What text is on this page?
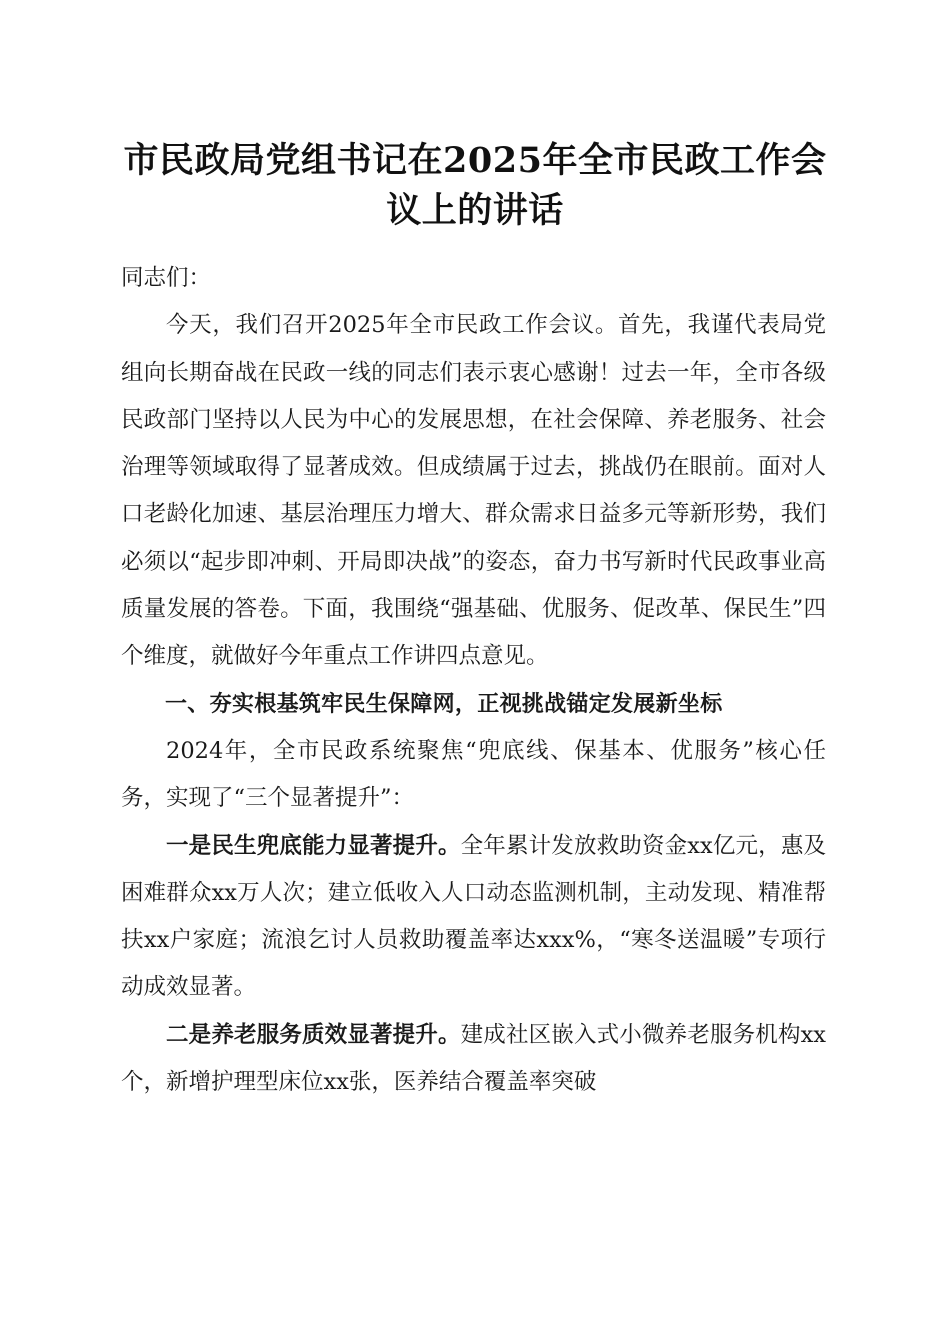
市民政局党组书记在2025年全市民政工作会
议上的讲话

同志们：

今天，我们召开2025年全市民政工作会议。首先，我谨代表局党组向长期奋战在民政一线的同志们表示衷心感谢！过去一年，全市各级民政部门坚持以人民为中心的发展思想，在社会保障、养老服务、社会治理等领域取得了显著成效。但成绩属于过去，挑战仍在眼前。面对人口老龄化加速、基层治理压力增大、群众需求日益多元等新形势，我们必须以“起步即冲刺、开局即决战”的姿态，奋力书写新时代民政事业高质量发展的答卷。下面，我围绕“强基础、优服务、促改革、保民生”四个维度，就做好今年重点工作讲四点意见。

一、夯实根基筑牢民生保障网，正视挑战锚定发展新坐标

2024年，全市民政系统聚焦“兜底线、保基本、优服务”核心任务，实现了“三个显著提升”：

一是民生兜底能力显著提升。全年累计发放救助资金xx亿元，惠及困难群众xx万人次；建立低收入人口动态监测机制，主动发现、精准帮扶xx户家庭；流浪乞讨人员救助覆盖率达xxx%，“寒冬送温暖”专项行动成效显著。

二是养老服务质效显著提升。建成社区嵌入式小微养老服务机构xx个，新增护理型床位xx张，医养结合覆盖率突破
